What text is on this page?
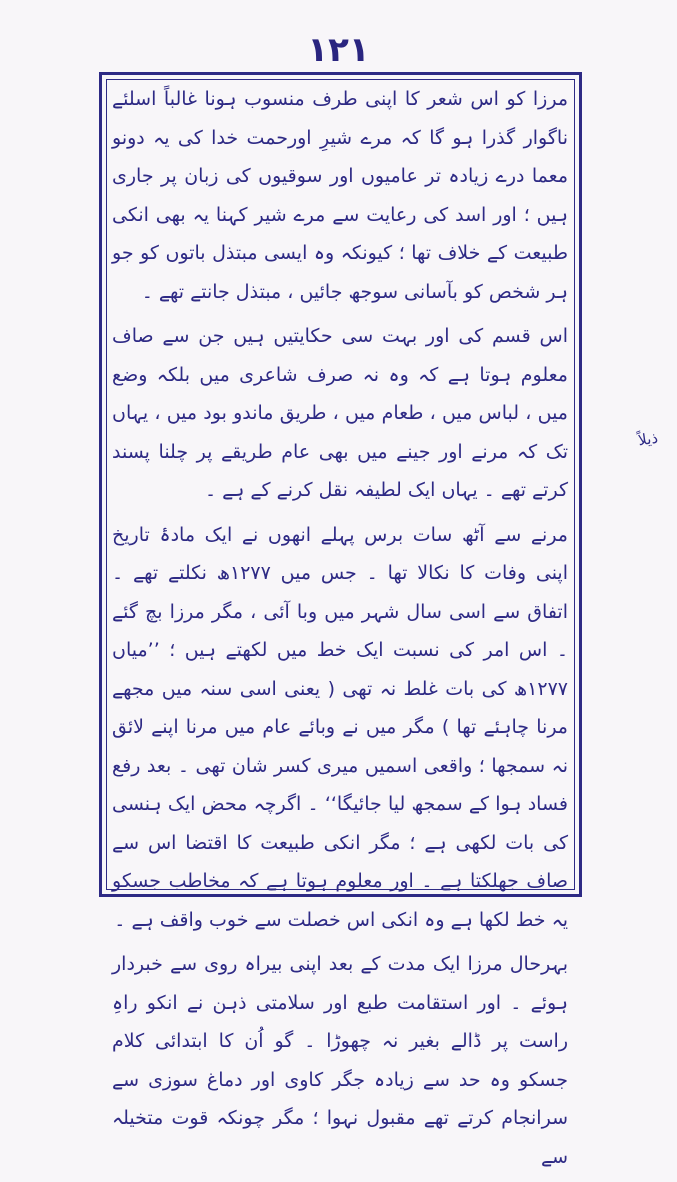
۱۲۱

مرزا کو اس شعر کا اپنی طرف منسوب ہونا غالباً اسلئے ناگوار گذرا ہو گا کہ مرے شیرِ اورحمت خدا کی یہ دونو معما درے زیادہ تر عامیوں اور سوقیوں کی زبان پر جاری ہیں ؛ اور اسد کی رعایت سے مرے شیر کہنا یہ بھی انکی طبیعت کے خلاف تھا ؛ کیونکہ وہ ایسی مبتذل باتوں کو جو ہر شخص کو بآسانی سوجھ جائیں ، مبتذل جانتے تھے ۔

اس قسم کی اور بہت سی حکایتیں ہیں جن سے صاف معلوم ہوتا ہے کہ وہ نہ صرف شاعری میں بلکہ وضع میں ، لباس میں ، طعام میں ، طریق ماندو بود میں ، یہاں تک کہ مرنے اور جینے میں بھی عام طریقے پر چلنا پسند کرتے تھے ۔ یہاں ایک لطیفہ نقل کرنے کے ہے ۔

مرنے سے آٹھ سات برس پہلے انھوں نے ایک مادۂ تاریخ اپنی وفات کا نکالا تھا ۔ جس میں ۱۲۷۷ھ نکلتے تھے ۔ اتفاق سے اسی سال شہر میں وبا آئی ، مگر مرزا بچ گئے ۔ اس امر کی نسبت ایک خط میں لکھتے ہیں ؛ ’’میاں ۱۲۷۷ھ کی بات غلط نہ تھی ( یعنی اسی سنہ میں مجھے مرنا چاہئے تھا ) مگر میں نے وبائے عام میں مرنا اپنے لائق نہ سمجھا ؛ واقعی اسمیں میری کسر شان تھی ۔ بعد رفع فساد ہوا کے سمجھ لیا جائیگا‘‘ ۔ اگرچہ محض ایک ہنسی کی بات لکھی ہے ؛ مگر انکی طبیعت کا اقتضا اس سے صاف جھلکتا ہے ۔ اور معلوم ہوتا ہے کہ مخاطب جسکو یہ خط لکھا ہے وہ انکی اس خصلت سے خوب واقف ہے ۔

بہرحال مرزا ایک مدت کے بعد اپنی بیراہ روی سے خبردار ہوئے ۔ اور استقامت طبع اور سلامتی ذہن نے انکو راہِ راست پر ڈالے بغیر نہ چھوڑا ۔ گو اُن کا ابتدائی کلام جسکو وہ حد سے زیادہ جگر کاوی اور دماغ سوزی سے سرانجام کرتے تھے مقبول نہوا ؛ مگر چونکہ قوت متخیلہ سے

ذیلاً
